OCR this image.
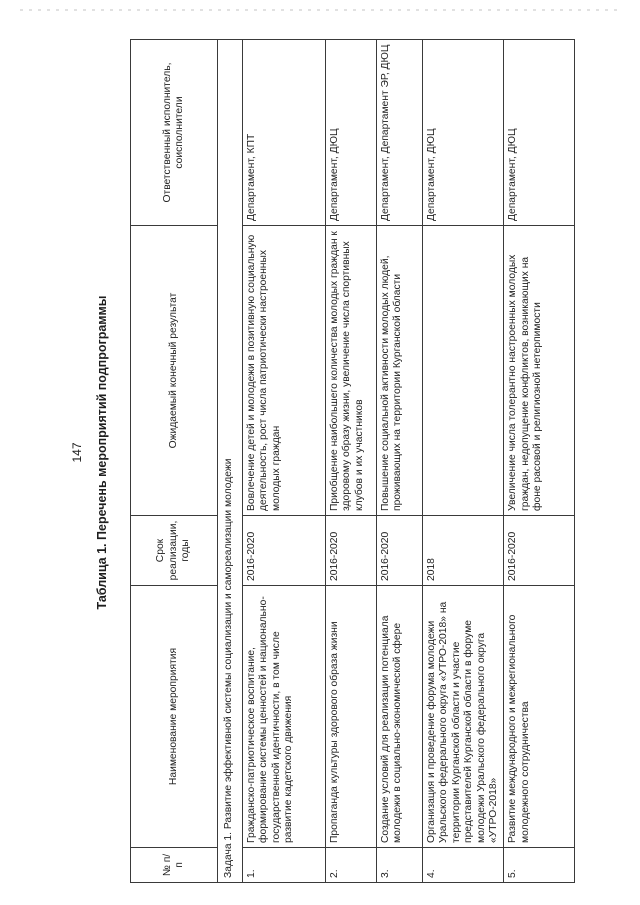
147 Таблица 1. Перечень мероприятий подпрограммы
№ п/п	Наименование мероприятия	Срок реализации, годы	Ожидаемый конечный результат	Ответственный исполнитель, соисполнители
Задача 1. Развитие эффективной системы социализации и самореализации молодежи				
1.	Гражданско-патриотическое воспитание, формирование системы ценностей и национально-государственной идентичности, в том числе развитие кадетского движения	2016-2020	Вовлечение детей и молодежи в позитивную социальную деятельность, рост числа патриотически настроенных молодых граждан	Департамент, КПТ
2.	Пропаганда культуры здорового образа жизни	2016-2020	Приобщение наибольшего количества молодых граждан к здоровому образу жизни, увеличение числа спортивных клубов и их участников	Департамент, ДЮЦ
3.	Создание условий для реализации потенциала молодежи в социально-экономической сфере	2016-2020	Повышение социальной активности молодых людей, проживающих на территории Курганской области	Департамент, Департамент ЭР, ДЮЦ
4.	Организация и проведение форума молодежи Уральского федерального округа «УТРО-2018» на территории Курганской области и участие представителей Курганской области в форуме молодежи Уральского федерального округа «УТРО-2018»	2018		Департамент, ДЮЦ
5.	Развитие международного и межрегионального молодежного сотрудничества	2016-2020	Увеличение числа толерантно настроенных молодых граждан, недопущение конфликтов, возникающих на фоне расовой и религиозной нетерпимости	Департамент, ДЮЦ
